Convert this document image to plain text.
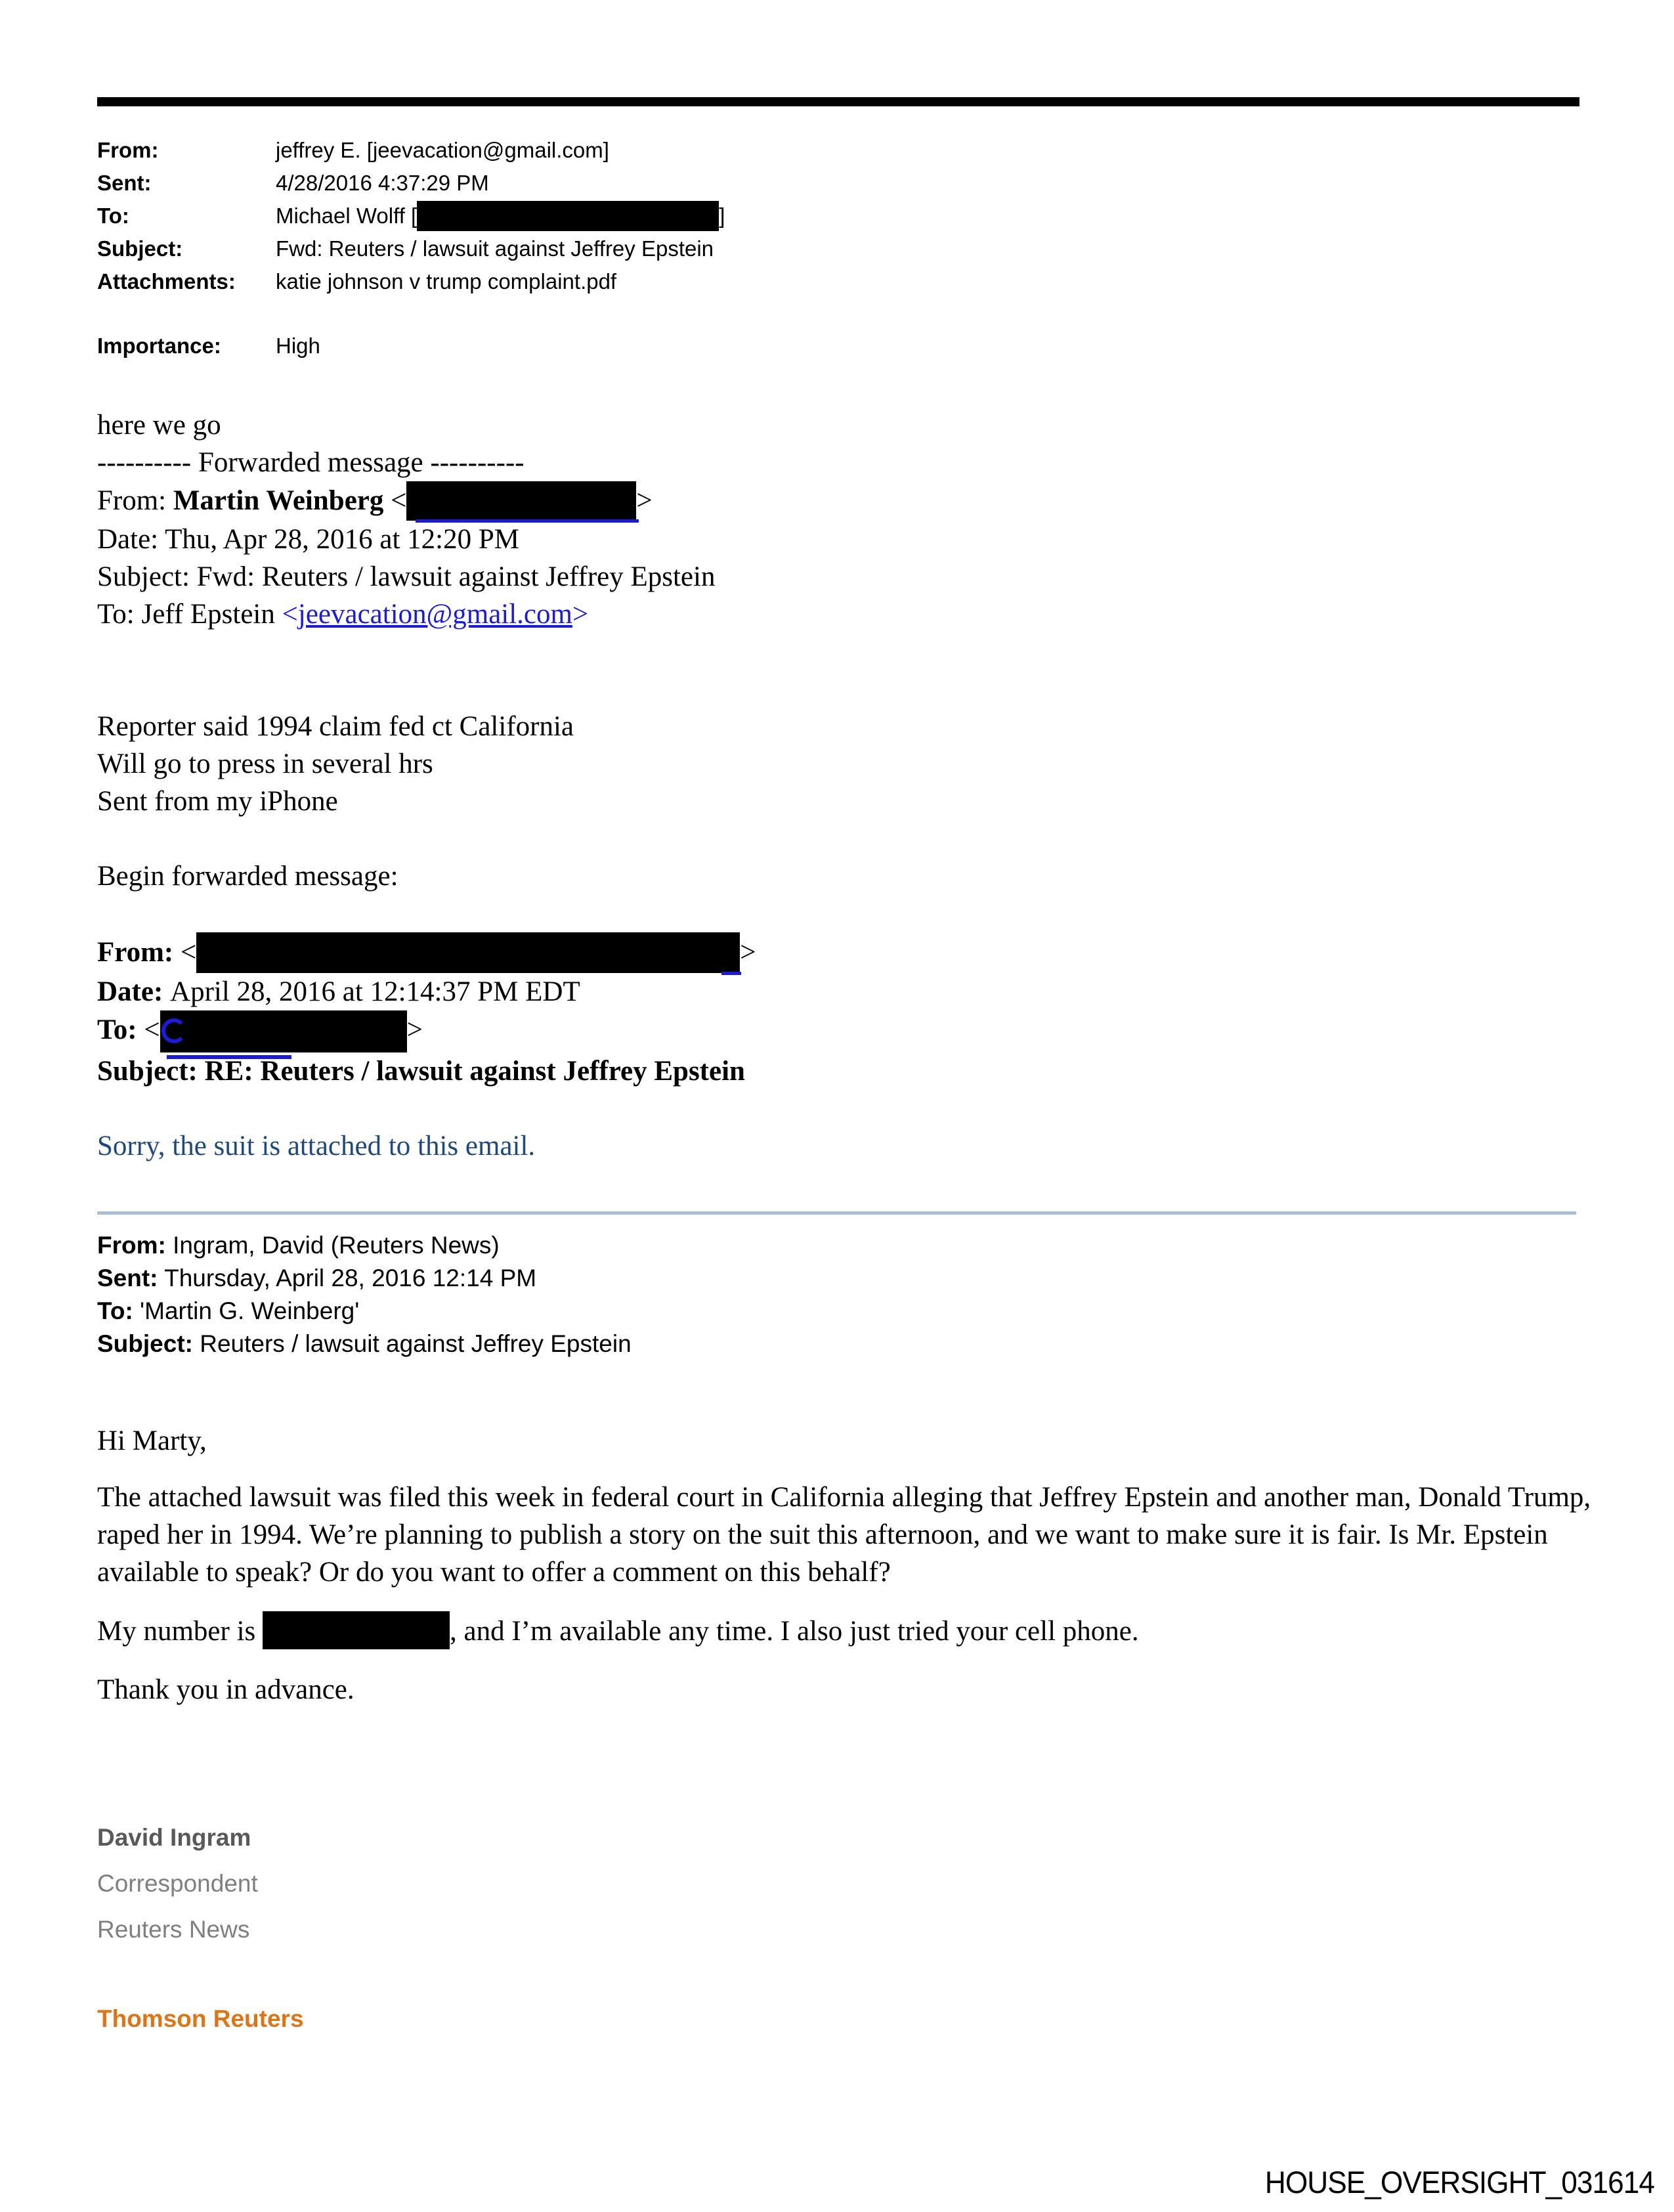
From:	jeffrey E. [jeevacation@gmail.com]
Sent:	4/28/2016 4:37:29 PM
To:	Michael Wolff [	]
Subject:	Fwd: Reuters / lawsuit against Jeffrey Epstein
Attachments:	katie johnson v trump complaint.pdf
Importance:	High
here we go
---------- Forwarded message ----------
From: Martin Weinberg <	>
Date: Thu, Apr 28, 2016 at 12:20 PM
Subject: Fwd: Reuters / lawsuit against Jeffrey Epstein
To: Jeff Epstein <jeevacation@gmail.com>
Reporter said 1994 claim fed ct California
Will go to press in several hrs
Sent from my iPhone
Begin forwarded message:
From: <	>
Date: April 28, 2016 at 12:14:37 PM EDT
To: <	>
Subject: RE: Reuters / lawsuit against Jeffrey Epstein
Sorry, the suit is attached to this email.
From: Ingram, David (Reuters News)
Sent: Thursday, April 28, 2016 12:14 PM
To: 'Martin G. Weinberg'
Subject: Reuters / lawsuit against Jeffrey Epstein
Hi Marty,
The attached lawsuit was filed this week in federal court in California alleging that Jeffrey Epstein and another man, Donald Trump, raped her in 1994. We’re planning to publish a story on the suit this afternoon, and we want to make sure it is fair. Is Mr. Epstein available to speak? Or do you want to offer a comment on this behalf?
My number is	, and I’m available any time. I also just tried your cell phone.
Thank you in advance.
David Ingram
Correspondent
Reuters News
Thomson Reuters
HOUSE_OVERSIGHT_031614
